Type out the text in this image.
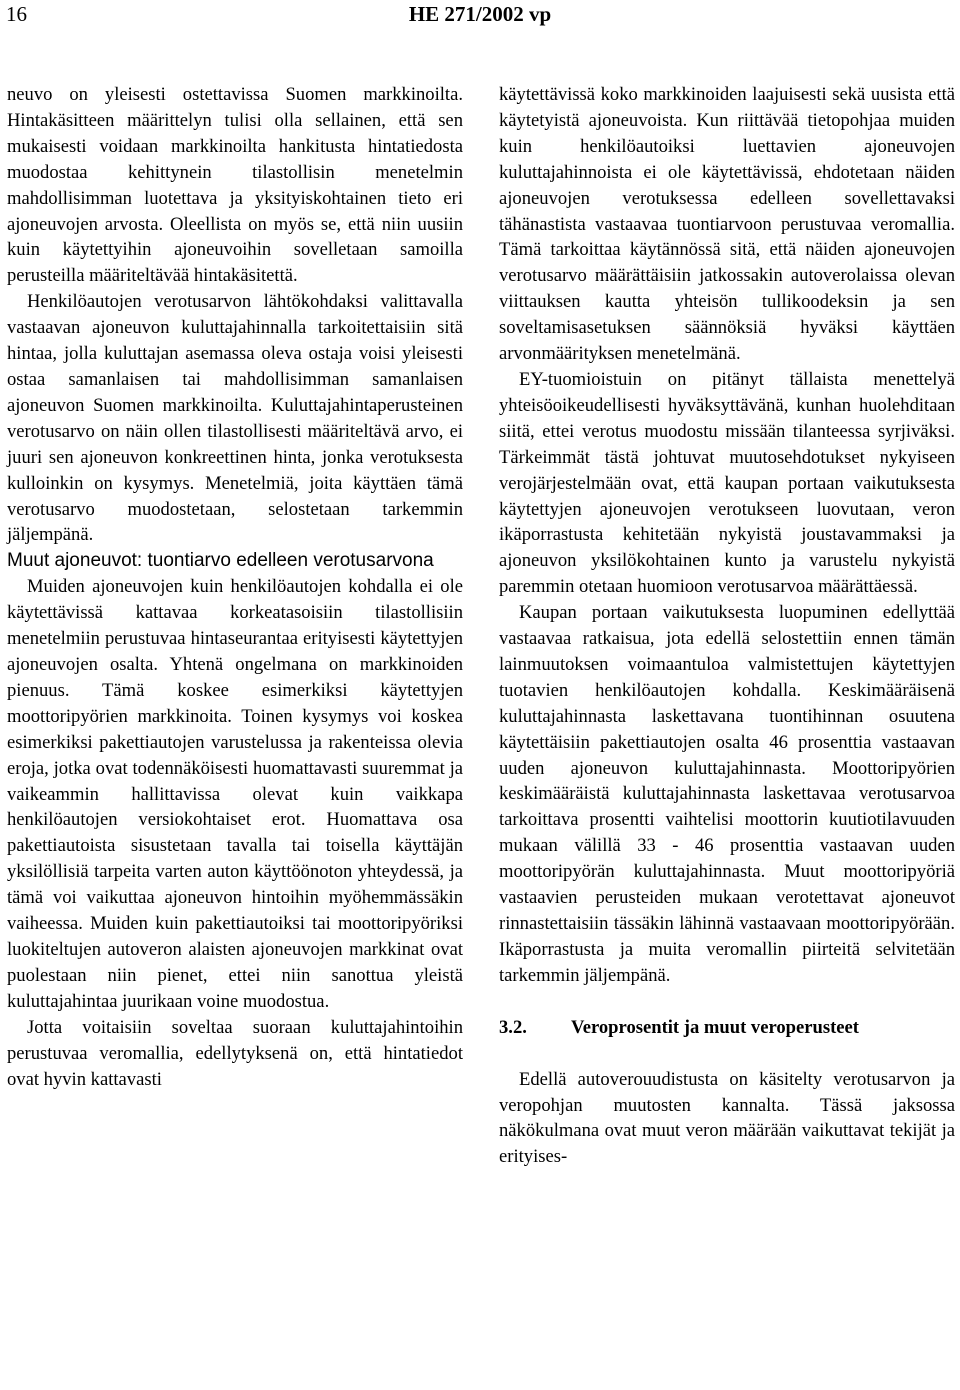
16	HE 271/2002 vp

neuvo on yleisesti ostettavissa Suomen markkinoilta. Hintakäsitteen määrittelyn tulisi olla sellainen, että sen mukaisesti voidaan markkinoilta hankitusta hintatiedosta muodostaa kehittynein tilastollisin menetelmin mahdollisimman luotettava ja yksityiskohtainen tieto eri ajoneuvojen arvosta. Oleellista on myös se, että niin uusiin kuin käytettyihin ajoneuvoihin sovelletaan samoilla perusteilla määriteltävää hintakäsitettä.

Henkilöautojen verotusarvon lähtökohdaksi valittavalla vastaavan ajoneuvon kuluttajahinnalla tarkoitettaisiin sitä hintaa, jolla kuluttajan asemassa oleva ostaja voisi yleisesti ostaa samanlaisen tai mahdollisimman samanlaisen ajoneuvon Suomen markkinoilta. Kuluttajahintaperusteinen verotusarvo on näin ollen tilastollisesti määriteltävä arvo, ei juuri sen ajoneuvon konkreettinen hinta, jonka verotuksesta kulloinkin on kysymys. Menetelmiä, joita käyttäen tämä verotusarvo muodostetaan, selostetaan tarkemmin jäljempänä.

Muut ajoneuvot: tuontiarvo edelleen verotusarvona

Muiden ajoneuvojen kuin henkilöautojen kohdalla ei ole käytettävissä kattavaa korkeatasoisiin tilastollisiin menetelmiin perustuvaa hintaseurantaa erityisesti käytettyjen ajoneuvojen osalta. Yhtenä ongelmana on markkinoiden pienuus. Tämä koskee esimerkiksi käytettyjen moottoripyörien markkinoita. Toinen kysymys voi koskea esimerkiksi pakettiautojen varustelussa ja rakenteissa olevia eroja, jotka ovat todennäköisesti huomattavasti suuremmat ja vaikeammin hallittavissa olevat kuin vaikkapa henkilöautojen versiokohtaiset erot. Huomattava osa pakettiautoista sisustetaan tavalla tai toisella käyttäjän yksilöllisiä tarpeita varten auton käyttöönoton yhteydessä, ja tämä voi vaikuttaa ajoneuvon hintoihin myöhemmässäkin vaiheessa. Muiden kuin pakettiautoiksi tai moottoripyöriksi luokiteltujen autoveron alaisten ajoneuvojen markkinat ovat puolestaan niin pienet, ettei niin sanottua yleistä kuluttajahintaa juurikaan voine muodostua.

Jotta voitaisiin soveltaa suoraan kuluttajahintoihin perustuvaa veromallia, edellytyksenä on, että hintatiedot ovat hyvin kattavasti

käytettävissä koko markkinoiden laajuisesti sekä uusista että käytetyistä ajoneuvoista. Kun riittävää tietopohjaa muiden kuin henkilöautoiksi luettavien ajoneuvojen kuluttajahinnoista ei ole käytettävissä, ehdotetaan näiden ajoneuvojen verotuksessa edelleen sovellettavaksi tähänastista vastaavaa tuontiarvoon perustuvaa veromallia. Tämä tarkoittaa käytännössä sitä, että näiden ajoneuvojen verotusarvo määrättäisiin jatkossakin autoverolaissa olevan viittauksen kautta yhteisön tullikoodeksin ja sen soveltamisasetuksen säännöksiä hyväksi käyttäen arvonmäärityksen menetelmänä.

EY-tuomioistuin on pitänyt tällaista menettelyä yhteisöoikeudellisesti hyväksyttävänä, kunhan huolehditaan siitä, ettei verotus muodostu missään tilanteessa syrjiväksi. Tärkeimmät tästä johtuvat muutosehdotukset nykyiseen verojärjestelmään ovat, että kaupan portaan vaikutuksesta käytettyjen ajoneuvojen verotukseen luovutaan, veron ikäporrastusta kehitetään nykyistä joustavammaksi ja ajoneuvon yksilökohtainen kunto ja varustelu nykyistä paremmin otetaan huomioon verotusarvoa määrättäessä.

Kaupan portaan vaikutuksesta luopuminen edellyttää vastaavaa ratkaisua, jota edellä selostettiin ennen tämän lainmuutoksen voimaantuloa valmistettujen käytettyjen tuotavien henkilöautojen kohdalla. Keskimääräisenä kuluttajahinnasta laskettavana tuontihinnan osuutena käytettäisiin pakettiautojen osalta 46 prosenttia vastaavan uuden ajoneuvon kuluttajahinnasta. Moottoripyörien keskimääräistä kuluttajahinnasta laskettavaa verotusarvoa tarkoittava prosentti vaihtelisi moottorin kuutiotilavuuden mukaan välillä 33 - 46 prosenttia vastaavan uuden moottoripyörän kuluttajahinnasta. Muut moottoripyöriä vastaavien perusteiden mukaan verotettavat ajoneuvot rinnastettaisiin tässäkin lähinnä vastaavaan moottoripyörään. Ikäporrastusta ja muita veromallin piirteitä selvitetään tarkemmin jäljempänä.

3.2.	Veroprosentit ja muut veroperusteet

Edellä autoverouudistusta on käsitelty verotusarvon ja veropohjan muutosten kannalta. Tässä jaksossa näkökulmana ovat muut veron määrään vaikuttavat tekijät ja erityises-
